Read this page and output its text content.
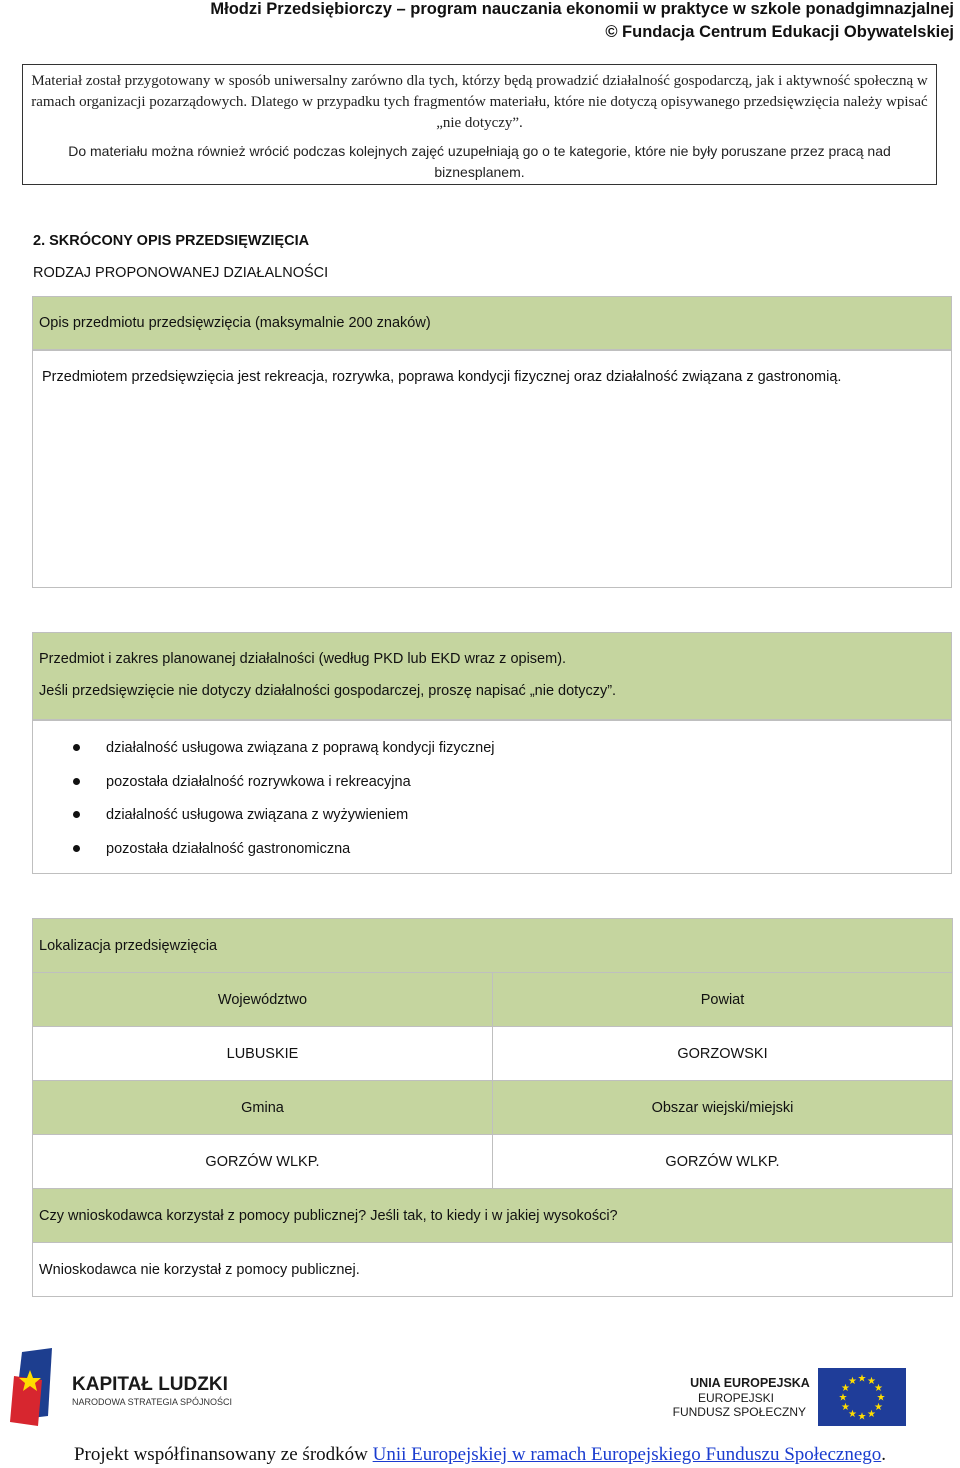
Młodzi Przedsiębiorczy – program nauczania ekonomii w praktyce w szkole ponadgimnazjalnej
© Fundacja Centrum Edukacji Obywatelskiej
Materiał został przygotowany w sposób uniwersalny zarówno dla tych, którzy będą prowadzić działalność gospodarczą, jak i aktywność społeczną w ramach organizacji pozarządowych. Dlatego w przypadku tych fragmentów materiału, które nie dotyczą opisywanego przedsięwzięcia należy wpisać „nie dotyczy”.
Do materiału można również wrócić podczas kolejnych zajęć uzupełniają go o te kategorie, które nie były poruszane przez pracą nad biznesplanem.
2. SKRÓCONY OPIS PRZEDSIĘWZIĘCIA
RODZAJ PROPONOWANEJ DZIAŁALNOŚCI
Opis przedmiotu przedsięwzięcia (maksymalnie 200 znaków)
Przedmiotem przedsięwzięcia jest rekreacja, rozrywka, poprawa kondycji fizycznej oraz działalność związana z gastronomią.
Przedmiot i zakres planowanej działalności (według PKD lub EKD wraz z opisem).
Jeśli przedsięwzięcie nie dotyczy działalności gospodarczej, proszę napisać „nie dotyczy”.
działalność usługowa związana z poprawą kondycji fizycznej
pozostała działalność rozrywkowa i rekreacyjna
działalność usługowa związana z wyżywieniem
pozostała działalność gastronomiczna
Lokalizacja przedsięwzięcia	
Województwo	Powiat
LUBUSKIE	GORZOWSKI
Gmina	Obszar wiejski/miejski
GORZÓW WLKP.	GORZÓW WLKP.
Czy wnioskodawca korzystał z pomocy publicznej? Jeśli tak, to kiedy i w jakiej wysokości?	
Wnioskodawca nie korzystał z pomocy publicznej.	
KAPITAŁ LUDZKI
NARODOWA STRATEGIA SPÓJNOŚCI
UNIA EUROPEJSKA
EUROPEJSKI
FUNDUSZ SPOŁECZNY
★ ★
★
★
★
★
★
★
★
★
★
★
Projekt współfinansowany ze środków Unii Europejskiej w ramach Europejskiego Funduszu Społecznego.
